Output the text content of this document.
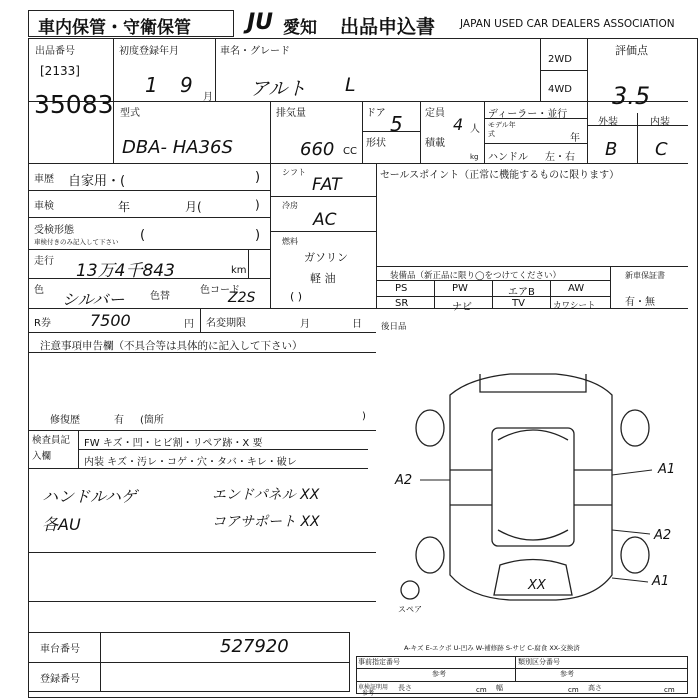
車内保管・守衛保管	JU 愛知 出品申込書 JAPAN USED CAR DEALERS ASSOCIATION
出品番号
[2133]
35083
初度登録年月
1 9
月
車名・グレード
アルト L
2WD
4WD
評価点
3.5
型式
DBA- HA36S
排気量
660 CC
ドア 5
形状
定員
4 人
積載
kg
ディーラー・並行
モデル年式	年
ハンドル 左・右
外装	内装
B C
車歴 自家用・(	)
車検	年	月(	)
受検形態
車検付きのみ記入して下さい (	)
走行 13万4千843	km
色 シルバー	色替
色コード
Z2S
シフト
FAT
冷房
AC
燃料
ガソリン
軽 油
( )
セールスポイント（正常に機能するものに限ります）
装備品（新正品に限り◯をつけてください）
PS	PW	エアB	AW
SR	ナビ	TV	カワシート
新車保証書
有・無
R券 7500	円 名変期限	月	日 後日品
注意事項申告欄（不具合等は具体的に記入して下さい）
修復歴	有 (箇所	)
検査員記入欄
FW キズ・凹・ヒビ割・リペア跡・X 要
内装 キズ・汚レ・コゲ・穴・タバ・キレ・破レ
ハンドルハゲ	エンドパネル XX
各AU	コアサポート XX
A2
A1
A2
A1
XX
スペア
A-キズ E-エクボ U-凹み W-補修跡 S-サビ C-腐食 XX-交換済
車台番号	527920
登録番号
事前指定番号
参考
類別区分番号
参考
車検証明用
参考
長さ	cm 幅	cm 高さ	cm
